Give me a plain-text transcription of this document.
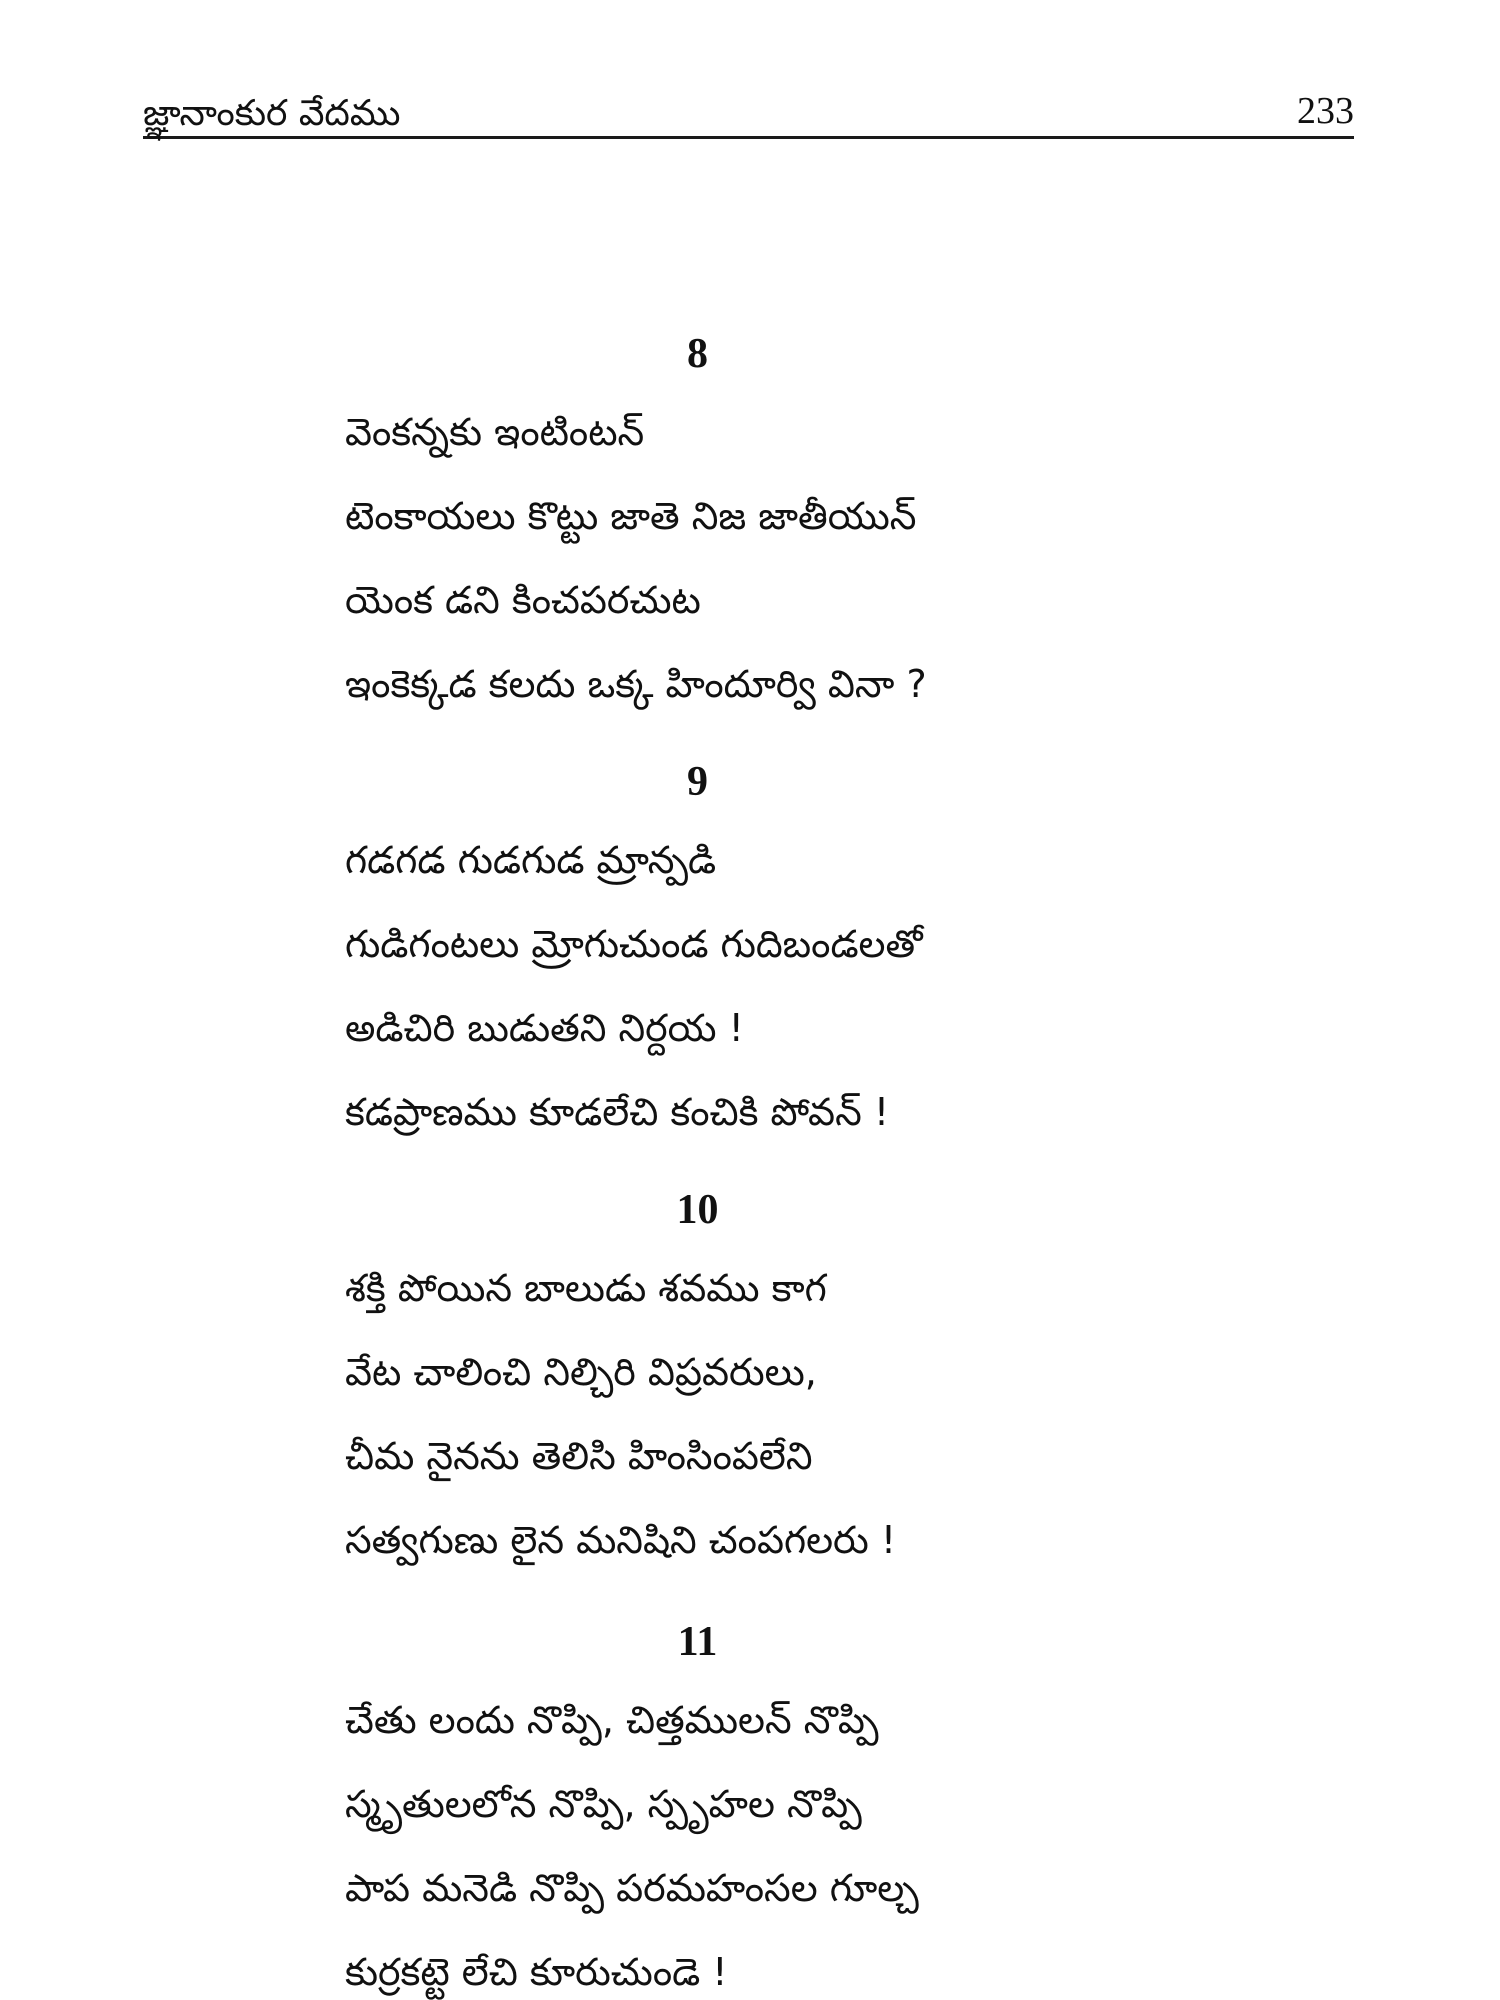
జ్ఞానాంకుర వేదము	233
8
వెంకన్నకు ఇంటింటన్
టెంకాయలు కొట్టు జాతె నిజ జాతీయున్
యెంక డని కించపరచుట
ఇంకెక్కడ కలదు ఒక్క హిందూర్వి వినా ?
9
గడగడ గుడగుడ మ్రాన్పడి
గుడిగంటలు మ్రోగుచుండ గుదిబండలతో
అడిచిరి బుడుతని నిర్దయ !
కడప్రాణము కూడలేచి కంచికి పోవన్ !
10
శక్తి పోయిన బాలుడు శవము కాగ
వేట చాలించి నిల్చిరి విప్రవరులు,
చీమ నైనను తెలిసి హింసింపలేని
సత్వగుణు లైన మనిషిని చంపగలరు !
11
చేతు లందు నొప్పి, చిత్తములన్ నొప్పి
స్మృతులలోన నొప్పి, స్పృహల నొప్పి
పాప మనెడి నొప్పి పరమహంసల గూల్చ
కుర్రకట్టె లేచి కూరుచుండె !
